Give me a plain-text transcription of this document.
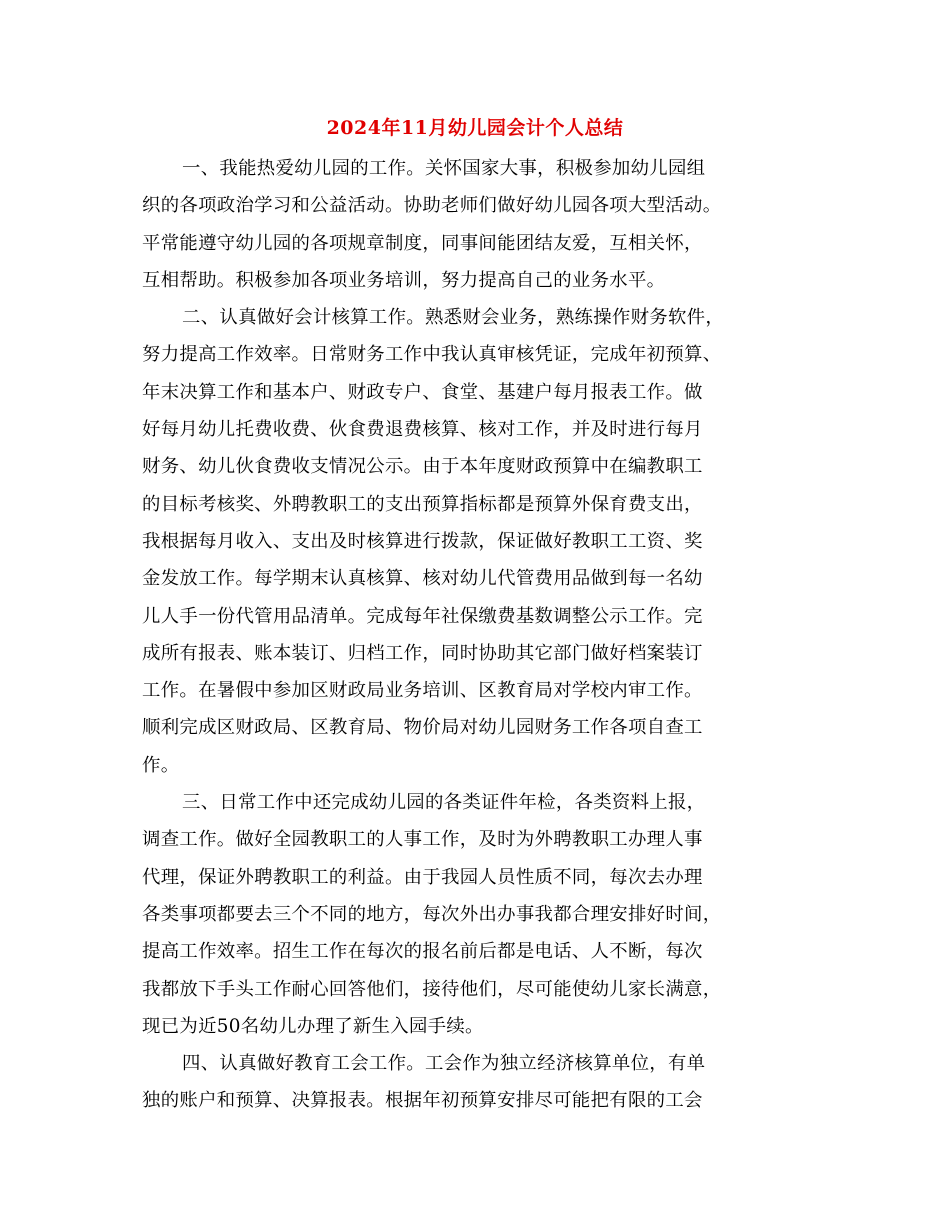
2024年11月幼儿园会计个人总结
一、我能热爱幼儿园的工作。关怀国家大事，积极参加幼儿园组
织的各项政治学习和公益活动。协助老师们做好幼儿园各项大型活动。
平常能遵守幼儿园的各项规章制度，同事间能团结友爱，互相关怀，
互相帮助。积极参加各项业务培训，努力提高自己的业务水平。
二、认真做好会计核算工作。熟悉财会业务，熟练操作财务软件，
努力提高工作效率。日常财务工作中我认真审核凭证，完成年初预算、
年末决算工作和基本户、财政专户、食堂、基建户每月报表工作。做
好每月幼儿托费收费、伙食费退费核算、核对工作，并及时进行每月
财务、幼儿伙食费收支情况公示。由于本年度财政预算中在编教职工
的目标考核奖、外聘教职工的支出预算指标都是预算外保育费支出，
我根据每月收入、支出及时核算进行拨款，保证做好教职工工资、奖
金发放工作。每学期末认真核算、核对幼儿代管费用品做到每一名幼
儿人手一份代管用品清单。完成每年社保缴费基数调整公示工作。完
成所有报表、账本装订、归档工作，同时协助其它部门做好档案装订
工作。在暑假中参加区财政局业务培训、区教育局对学校内审工作。
顺利完成区财政局、区教育局、物价局对幼儿园财务工作各项自查工
作。
三、日常工作中还完成幼儿园的各类证件年检，各类资料上报，
调查工作。做好全园教职工的人事工作，及时为外聘教职工办理人事
代理，保证外聘教职工的利益。由于我园人员性质不同，每次去办理
各类事项都要去三个不同的地方，每次外出办事我都合理安排好时间，
提高工作效率。招生工作在每次的报名前后都是电话、人不断，每次
我都放下手头工作耐心回答他们，接待他们，尽可能使幼儿家长满意，
现已为近50名幼儿办理了新生入园手续。
四、认真做好教育工会工作。工会作为独立经济核算单位，有单
独的账户和预算、决算报表。根据年初预算安排尽可能把有限的工会
